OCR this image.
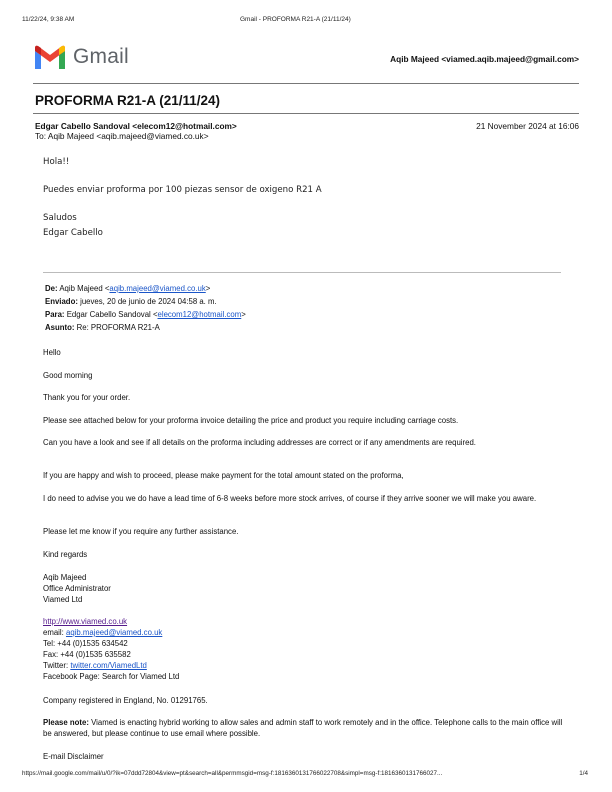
11/22/24, 9:38 AM	Gmail - PROFORMA R21-A (21/11/24)
Gmail	Aqib Majeed <viamed.aqib.majeed@gmail.com>
PROFORMA R21-A (21/11/24)
Edgar Cabello Sandoval <elecom12@hotmail.com>	21 November 2024 at 16:06
To: Aqib Majeed <aqib.majeed@viamed.co.uk>
Hola!!
Puedes enviar proforma por 100 piezas sensor de oxigeno R21 A
Saludos
Edgar Cabello
De: Aqib Majeed <aqib.majeed@viamed.co.uk>
Enviado: jueves, 20 de junio de 2024 04:58 a. m.
Para: Edgar Cabello Sandoval <elecom12@hotmail.com>
Asunto: Re: PROFORMA R21-A
Hello
Good morning
Thank you for your order.
Please see attached below for your proforma invoice detailing the price and product you require including carriage costs.
Can you have a look and see if all details on the proforma including addresses are correct or if any amendments are required.
If you are happy and wish to proceed, please make payment for the total amount stated on the proforma,
I do need to advise you we do have a lead time of 6-8 weeks before more stock arrives, of course if they arrive sooner we will make you aware.
Please let me know if you require any further assistance.
Kind regards
Aqib Majeed
Office Administrator
Viamed Ltd
http://www.viamed.co.uk
email: aqib.majeed@viamed.co.uk
Tel: +44 (0)1535 634542
Fax: +44 (0)1535 635582
Twitter: twitter.com/ViamedLtd
Facebook Page: Search for Viamed Ltd
Company registered in England, No. 01291765.
Please note: Viamed is enacting hybrid working to allow sales and admin staff to work remotely and in the office. Telephone calls to the main office will be answered, but please continue to use email where possible.
E-mail Disclaimer
https://mail.google.com/mail/u/0/?ik=07ddd72804&view=pt&search=all&permmsgid=msg-f:1816360131766022708&simpl=msg-f:1816360131766027...	1/4
